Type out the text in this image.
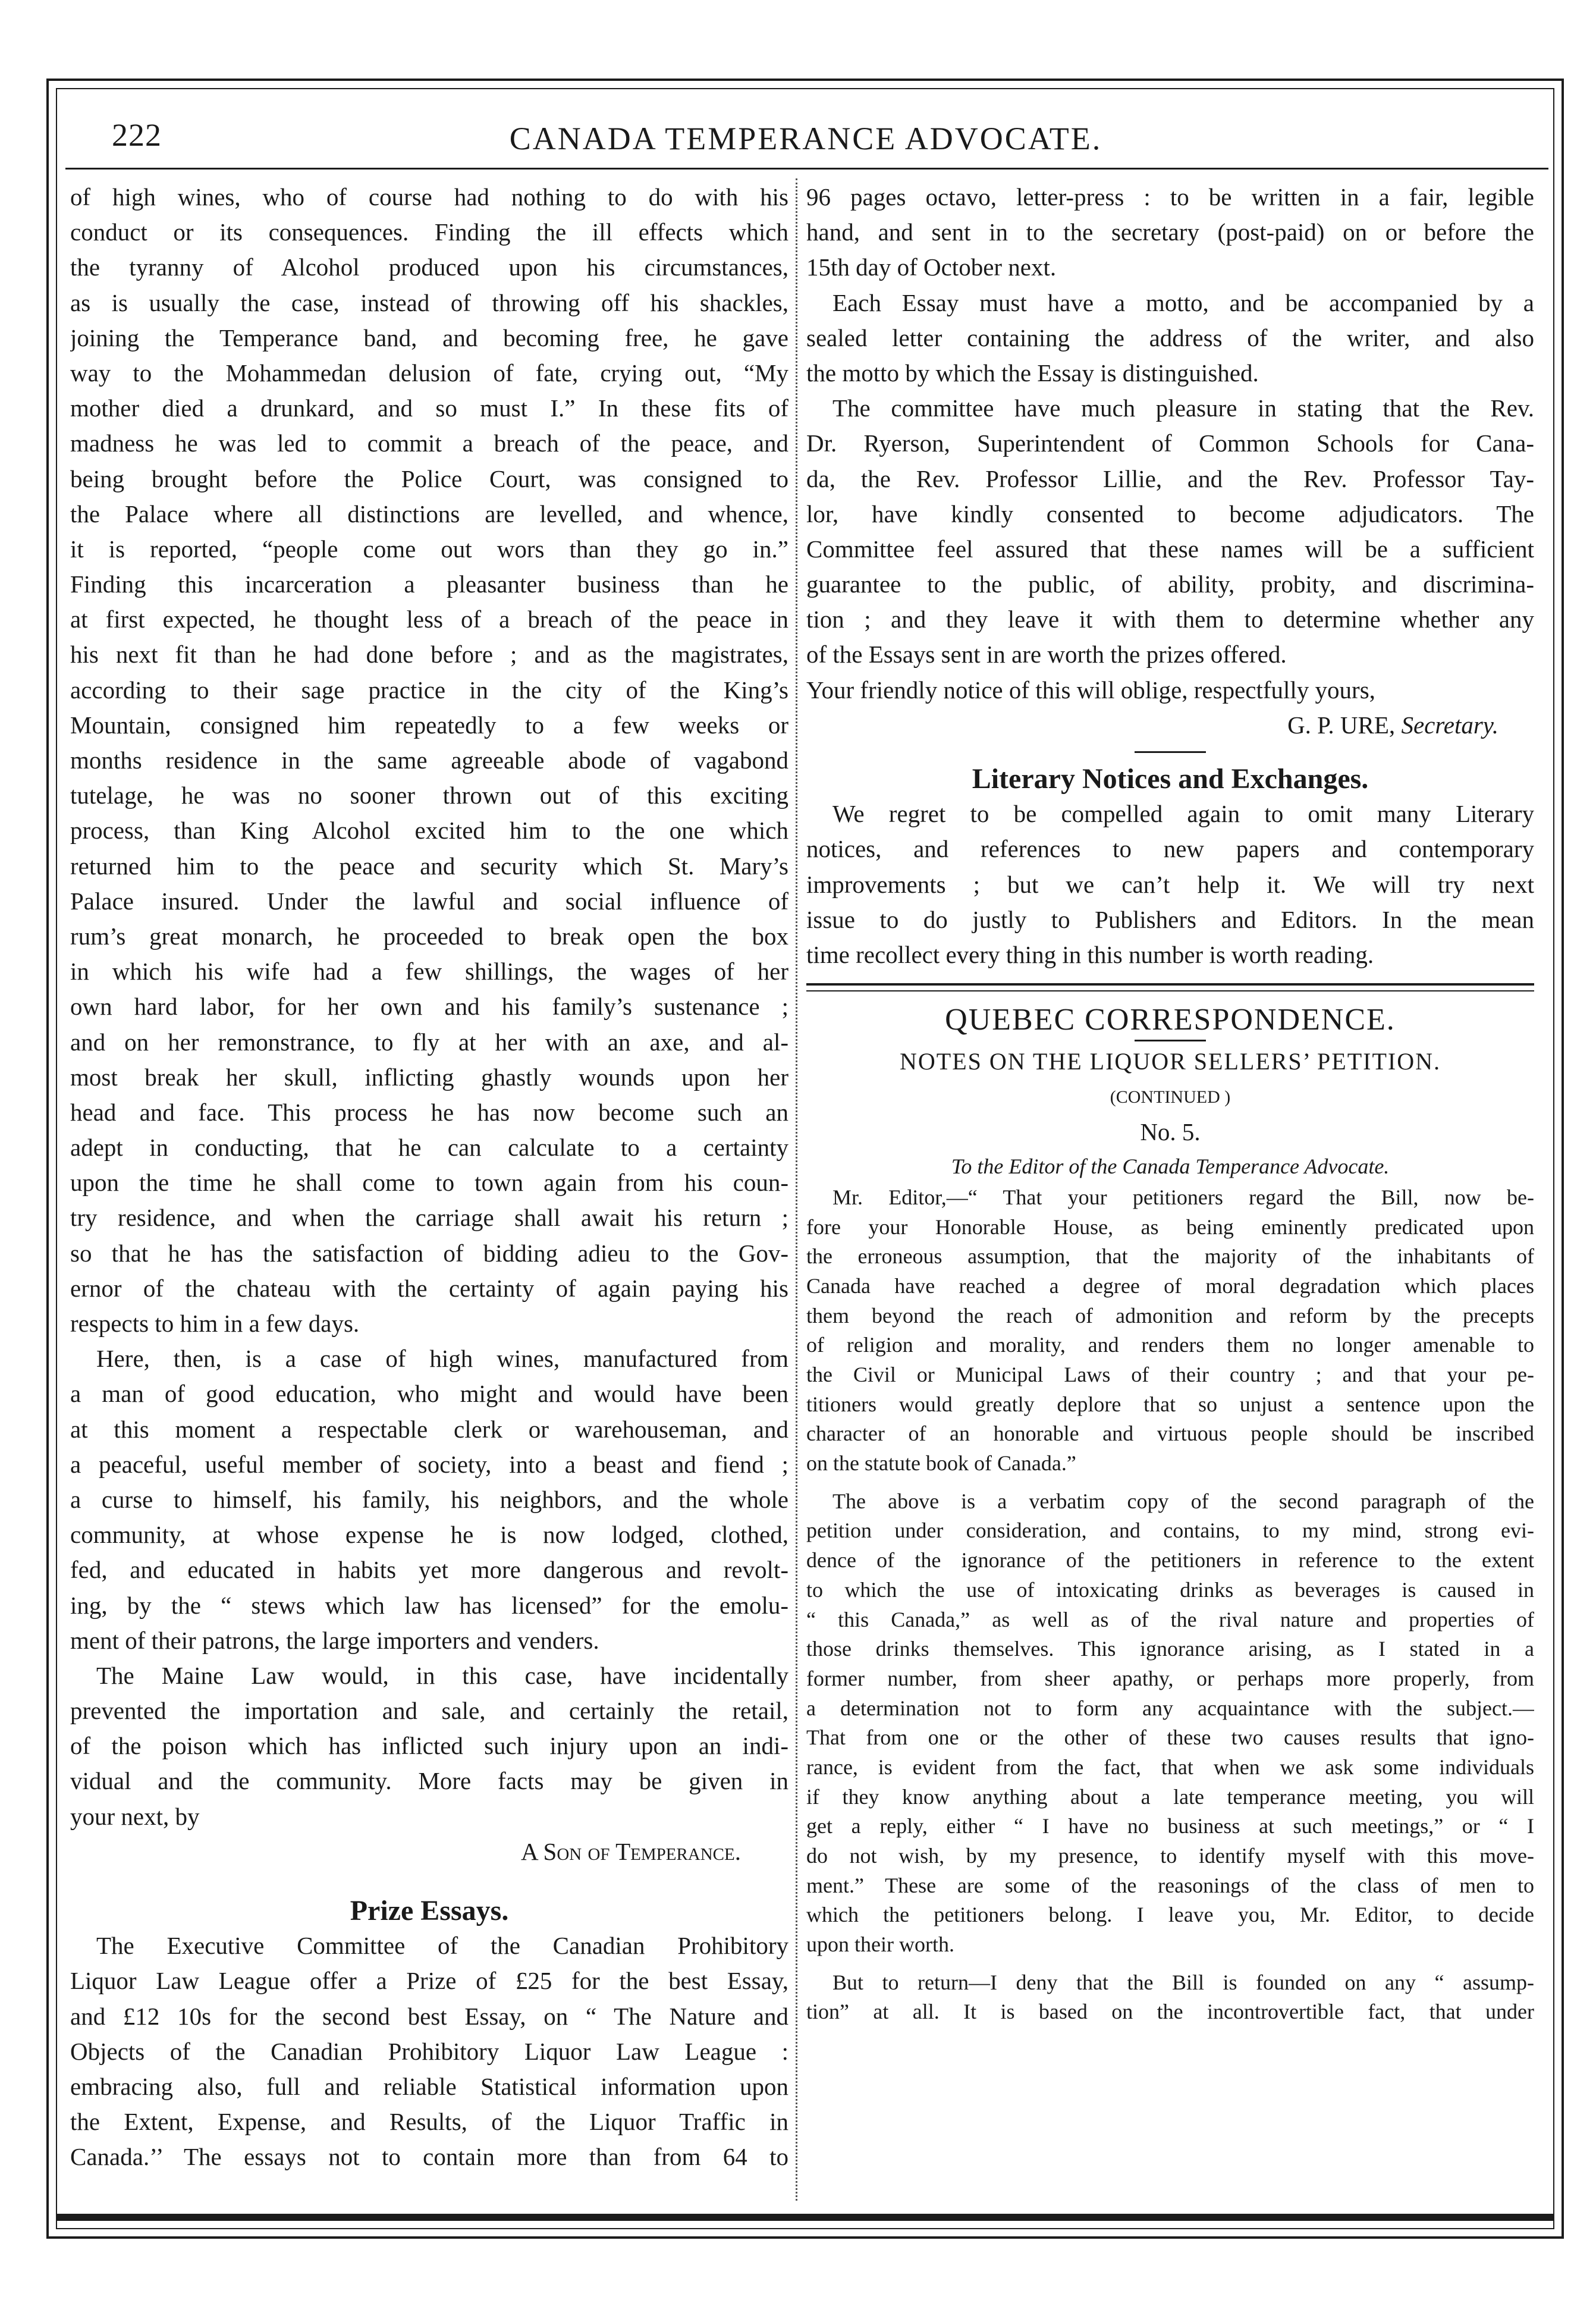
222	CANADA TEMPERANCE ADVOCATE.
of high wines, who of course had nothing to do with his
conduct or its consequences. Finding the ill effects which
the tyranny of Alcohol produced upon his circumstances,
as is usually the case, instead of throwing off his shackles,
joining the Temperance band, and becoming free, he gave
way to the Mohammedan delusion of fate, crying out, “My
mother died a drunkard, and so must I.” In these fits of
madness he was led to commit a breach of the peace, and
being brought before the Police Court, was consigned to
the Palace where all distinctions are levelled, and whence,
it is reported, “people come out wors than they go in.”
Finding this incarceration a pleasanter business than he
at first expected, he thought less of a breach of the peace in
his next fit than he had done before ; and as the magistrates,
according to their sage practice in the city of the King’s
Mountain, consigned him repeatedly to a few weeks or
months residence in the same agreeable abode of vagabond
tutelage, he was no sooner thrown out of this exciting
process, than King Alcohol excited him to the one which
returned him to the peace and security which St. Mary’s
Palace insured. Under the lawful and social influence of
rum’s great monarch, he proceeded to break open the box
in which his wife had a few shillings, the wages of her
own hard labor, for her own and his family’s sustenance ;
and on her remonstrance, to fly at her with an axe, and al-
most break her skull, inflicting ghastly wounds upon her
head and face. This process he has now become such an
adept in conducting, that he can calculate to a certainty
upon the time he shall come to town again from his coun-
try residence, and when the carriage shall await his return ;
so that he has the satisfaction of bidding adieu to the Gov-
ernor of the chateau with the certainty of again paying his
respects to him in a few days.
Here, then, is a case of high wines, manufactured from
a man of good education, who might and would have been
at this moment a respectable clerk or warehouseman, and
a peaceful, useful member of society, into a beast and fiend ;
a curse to himself, his family, his neighbors, and the whole
community, at whose expense he is now lodged, clothed,
fed, and educated in habits yet more dangerous and revolt-
ing, by the “ stews which law has licensed” for the emolu-
ment of their patrons, the large importers and venders.
The Maine Law would, in this case, have incidentally
prevented the importation and sale, and certainly the retail,
of the poison which has inflicted such injury upon an indi-
vidual and the community. More facts may be given in
your next, by
A Son of Temperance.
Prize Essays.
The Executive Committee of the Canadian Prohibitory
Liquor Law League offer a Prize of £25 for the best Essay,
and £12 10s for the second best Essay, on “ The Nature and
Objects of the Canadian Prohibitory Liquor Law League :
embracing also, full and reliable Statistical information upon
the Extent, Expense, and Results, of the Liquor Traffic in
Canada.’’ The essays not to contain more than from 64 to
96 pages octavo, letter-press : to be written in a fair, legible
hand, and sent in to the secretary (post-paid) on or before the
15th day of October next.
Each Essay must have a motto, and be accompanied by a
sealed letter containing the address of the writer, and also
the motto by which the Essay is distinguished.
The committee have much pleasure in stating that the Rev.
Dr. Ryerson, Superintendent of Common Schools for Cana-
da, the Rev. Professor Lillie, and the Rev. Professor Tay-
lor, have kindly consented to become adjudicators. The
Committee feel assured that these names will be a sufficient
guarantee to the public, of ability, probity, and discrimina-
tion ; and they leave it with them to determine whether any
of the Essays sent in are worth the prizes offered.
Your friendly notice of this will oblige, respectfully yours,
G. P. URE, Secretary.
Literary Notices and Exchanges.
We regret to be compelled again to omit many Literary
notices, and references to new papers and contemporary
improvements ; but we can’t help it. We will try next
issue to do justly to Publishers and Editors. In the mean
time recollect every thing in this number is worth reading.
QUEBEC CORRESPONDENCE.
NOTES ON THE LIQUOR SELLERS’ PETITION.
(CONTINUED )
No. 5.
To the Editor of the Canada Temperance Advocate.
Mr. Editor,—“ That your petitioners regard the Bill, now be-
fore your Honorable House, as being eminently predicated upon
the erroneous assumption, that the majority of the inhabitants of
Canada have reached a degree of moral degradation which places
them beyond the reach of admonition and reform by the precepts
of religion and morality, and renders them no longer amenable to
the Civil or Municipal Laws of their country ; and that your pe-
titioners would greatly deplore that so unjust a sentence upon the
character of an honorable and virtuous people should be inscribed
on the statute book of Canada.”
The above is a verbatim copy of the second paragraph of the
petition under consideration, and contains, to my mind, strong evi-
dence of the ignorance of the petitioners in reference to the extent
to which the use of intoxicating drinks as beverages is caused in
“ this Canada,” as well as of the rival nature and properties of
those drinks themselves. This ignorance arising, as I stated in a
former number, from sheer apathy, or perhaps more properly, from
a determination not to form any acquaintance with the subject.—
That from one or the other of these two causes results that igno-
rance, is evident from the fact, that when we ask some individuals
if they know anything about a late temperance meeting, you will
get a reply, either “ I have no business at such meetings,” or “ I
do not wish, by my presence, to identify myself with this move-
ment.” These are some of the reasonings of the class of men to
which the petitioners belong. I leave you, Mr. Editor, to decide
upon their worth.
But to return—I deny that the Bill is founded on any “ assump-
tion” at all. It is based on the incontrovertible fact, that under
